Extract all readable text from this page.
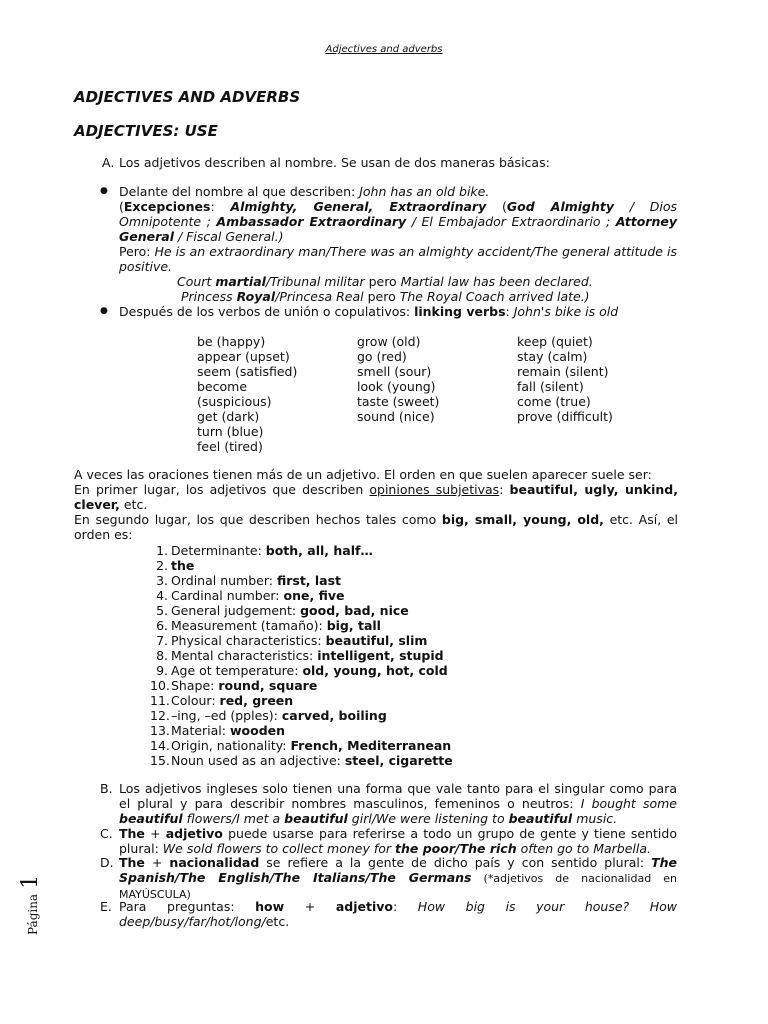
Adjectives and adverbs
ADJECTIVES AND ADVERBS
ADJECTIVES: USE
A. Los adjetivos describen al nombre. Se usan de dos maneras básicas:
● Delante del nombre al que describen: John has an old bike.
(Excepciones: Almighty, General, Extraordinary (God Almighty / Dios Omnipotente ; Ambassador Extraordinary / El Embajador Extraordinario ; Attorney General / Fiscal General.)
Pero: He is an extraordinary man/There was an almighty accident/The general attitude is positive.
Court martial/Tribunal militar pero Martial law has been declared.
Princess Royal/Princesa Real pero The Royal Coach arrived late.)
● Después de los verbos de unión o copulativos: linking verbs: John's bike is old
be (happy)
appear (upset)
seem (satisfied)
become
(suspicious)
get (dark)
turn (blue)
feel (tired)
grow (old)
go (red)
smell (sour)
look (young)
taste (sweet)
sound (nice)
keep (quiet)
stay (calm)
remain (silent)
fall (silent)
come (true)
prove (difficult)
A veces las oraciones tienen más de un adjetivo. El orden en que suelen aparecer suele ser:
En primer lugar, los adjetivos que describen opiniones subjetivas: beautiful, ugly, unkind, clever, etc.
En segundo lugar, los que describen hechos tales como big, small, young, old, etc. Así, el orden es:
1. Determinante: both, all, half…
2. the
3. Ordinal number: first, last
4. Cardinal number: one, five
5. General judgement: good, bad, nice
6. Measurement (tamaño): big, tall
7. Physical characteristics: beautiful, slim
8. Mental characteristics: intelligent, stupid
9. Age ot temperature: old, young, hot, cold
10.Shape: round, square
11.Colour: red, green
12.–ing, –ed (pples): carved, boiling
13.Material: wooden
14.Origin, nationality: French, Mediterranean
15.Noun used as an adjective: steel, cigarette
B. Los adjetivos ingleses solo tienen una forma que vale tanto para el singular como para el plural y para describir nombres masculinos, femeninos o neutros: I bought some beautiful flowers/I met a beautiful girl/We were listening to beautiful music.
C. The + adjetivo puede usarse para referirse a todo un grupo de gente y tiene sentido plural: We sold flowers to collect money for the poor/The rich often go to Marbella.
D. The + nacionalidad se refiere a la gente de dicho país y con sentido plural: The Spanish/The English/The Italians/The Germans (*adjetivos de nacionalidad en MAYÚSCULA)
E. Para preguntas: how + adjetivo: How big is your house? How deep/busy/far/hot/long/etc.
Página 1
